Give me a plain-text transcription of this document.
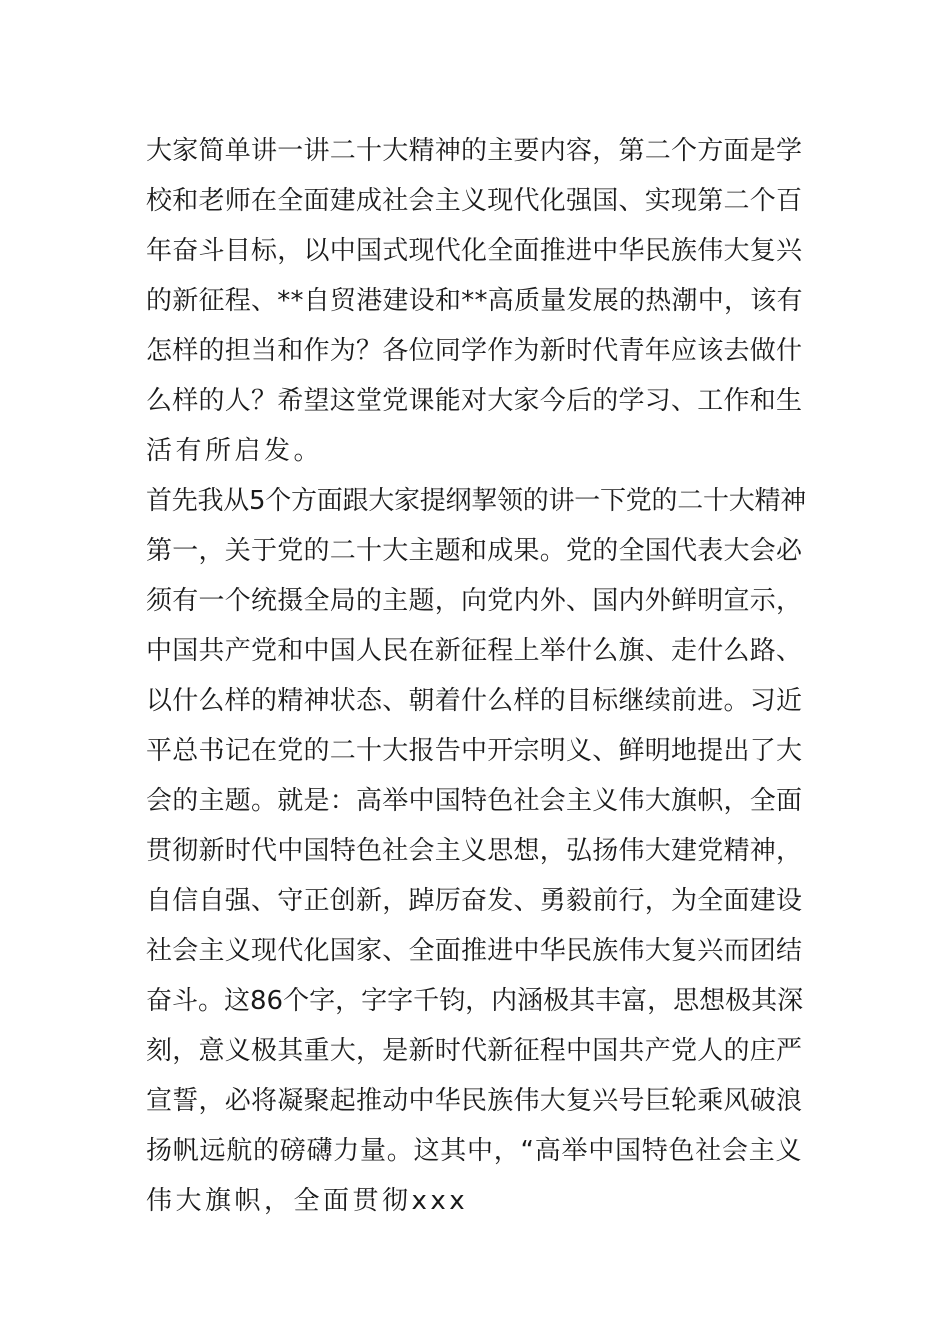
大家简单讲一讲二十大精神的主要内容，第二个方面是学
校和老师在全面建成社会主义现代化强国、实现第二个百
年奋斗目标，以中国式现代化全面推进中华民族伟大复兴
的新征程、**自贸港建设和**高质量发展的热潮中，该有
怎样的担当和作为？各位同学作为新时代青年应该去做什
么样的人？希望这堂党课能对大家今后的学习、工作和生
活有所启发。
首先我从5个方面跟大家提纲挈领的讲一下党的二十大精神
第一，关于党的二十大主题和成果。党的全国代表大会必
须有一个统摄全局的主题，向党内外、国内外鲜明宣示，
中国共产党和中国人民在新征程上举什么旗、走什么路、
以什么样的精神状态、朝着什么样的目标继续前进。习近
平总书记在党的二十大报告中开宗明义、鲜明地提出了大
会的主题。就是：高举中国特色社会主义伟大旗帜，全面
贯彻新时代中国特色社会主义思想，弘扬伟大建党精神，
自信自强、守正创新，踔厉奋发、勇毅前行，为全面建设
社会主义现代化国家、全面推进中华民族伟大复兴而团结
奋斗。这86个字，字字千钧，内涵极其丰富，思想极其深
刻，意义极其重大，是新时代新征程中国共产党人的庄严
宣誓，必将凝聚起推动中华民族伟大复兴号巨轮乘风破浪
扬帆远航的磅礴力量。这其中，“高举中国特色社会主义
伟大旗帜，全面贯彻xxx
